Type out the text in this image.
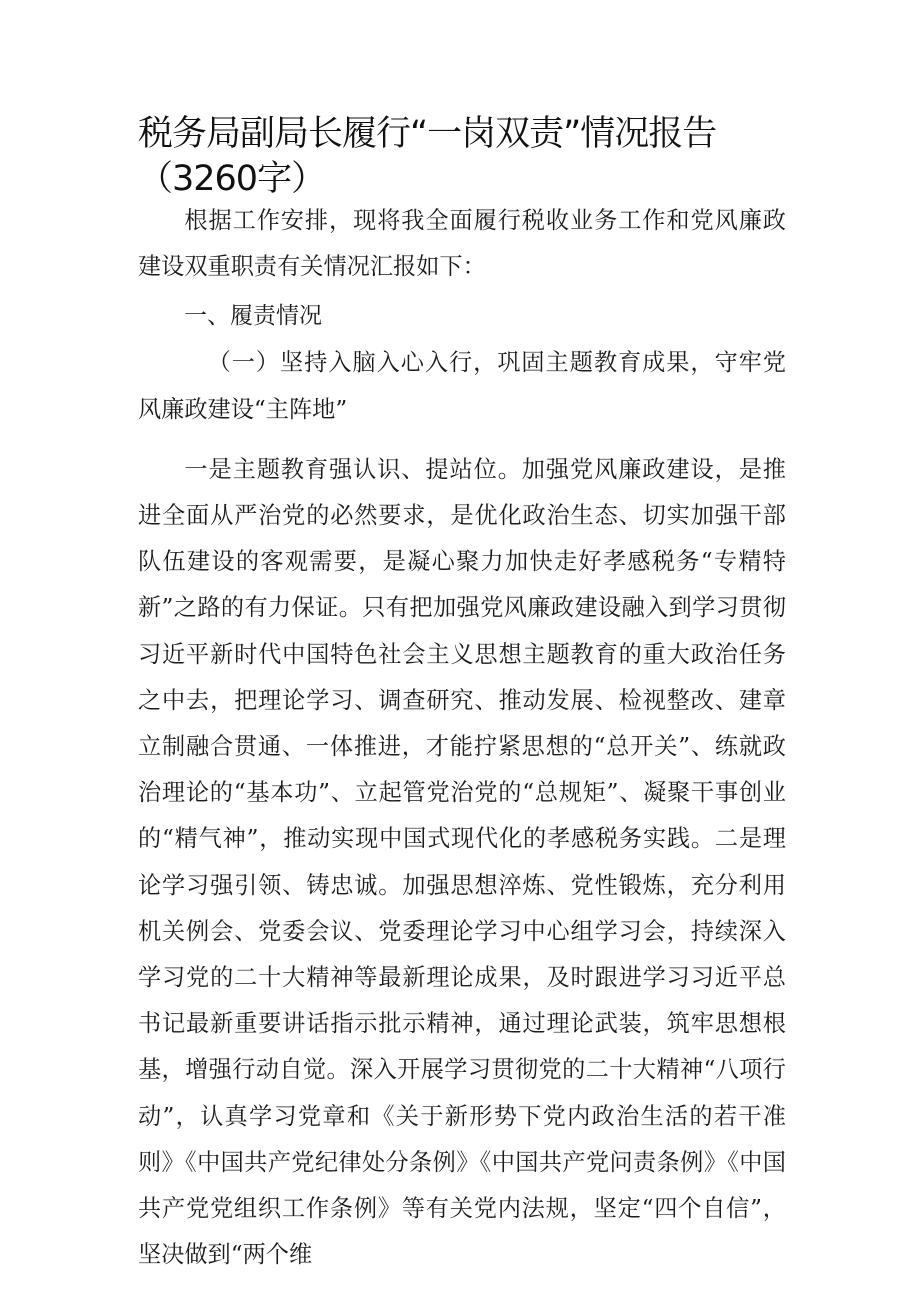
税务局副局长履行“一岗双责”情况报告（3260字）

根据工作安排，现将我全面履行税收业务工作和党风廉政建设双重职责有关情况汇报如下：

一、履责情况

（一）坚持入脑入心入行，巩固主题教育成果，守牢党风廉政建设“主阵地”

一是主题教育强认识、提站位。加强党风廉政建设，是推进全面从严治党的必然要求，是优化政治生态、切实加强干部队伍建设的客观需要，是凝心聚力加快走好孝感税务“专精特新”之路的有力保证。只有把加强党风廉政建设融入到学习贯彻习近平新时代中国特色社会主义思想主题教育的重大政治任务之中去，把理论学习、调查研究、推动发展、检视整改、建章立制融合贯通、一体推进，才能拧紧思想的“总开关”、练就政治理论的“基本功”、立起管党治党的“总规矩”、凝聚干事创业的“精气神”，推动实现中国式现代化的孝感税务实践。二是理论学习强引领、铸忠诚。加强思想淬炼、党性锻炼，充分利用机关例会、党委会议、党委理论学习中心组学习会，持续深入学习党的二十大精神等最新理论成果，及时跟进学习习近平总书记最新重要讲话指示批示精神，通过理论武装，筑牢思想根基，增强行动自觉。深入开展学习贯彻党的二十大精神“八项行动”，认真学习党章和《关于新形势下党内政治生活的若干准则》《中国共产党纪律处分条例》《中国共产党问责条例》《中国共产党党组织工作条例》等有关党内法规，坚定“四个自信”，坚决做到“两个维
